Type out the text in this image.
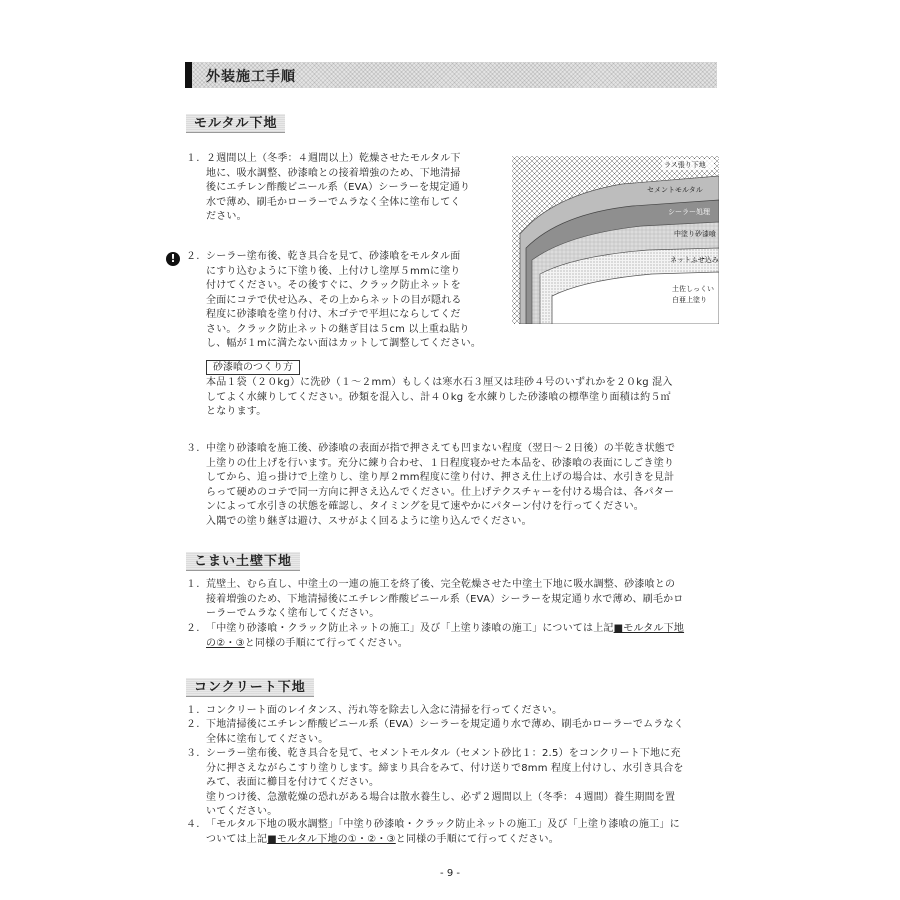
外装施工手順
モルタル下地
１. ２週間以上（冬季：４週間以上）乾燥させたモルタル下
地に、吸水調整、砂漆喰との接着増強のため、下地清掃
後にエチレン酢酸ビニール系（EVA）シーラーを規定通り
水で薄め、刷毛かローラーでムラなく全体に塗布してく
ださい。
!	２. シーラー塗布後、乾き具合を見て、砂漆喰をモルタル面
にすり込むように下塗り後、上付けし塗厚５mmに塗り
付けてください。その後すぐに、クラック防止ネットを
全面にコテで伏せ込み、その上からネットの目が隠れる
程度に砂漆喰を塗り付け、木ゴテで平坦にならしてくだ
さい。クラック防止ネットの継ぎ目は５cm 以上重ね貼り
し、幅が１mに満たない面はカットして調整してください。
ラス張り下地
セメントモルタル
シーラー処理
中塗り砂漆喰
ネットふせ込み
土佐しっくい
白亜上塗り
砂漆喰のつくり方
本品１袋（２０kg）に洗砂（１～２mm）もしくは寒水石３厘又は珪砂４号のいずれかを２０kg 混入
してよく水練りしてください。砂類を混入し、計４０kg を水練りした砂漆喰の標準塗り面積は約５㎡
となります。
３. 中塗り砂漆喰を施工後、砂漆喰の表面が指で押さえても凹まない程度（翌日～２日後）の半乾き状態で
上塗りの仕上げを行います。充分に練り合わせ、１日程度寝かせた本品を、砂漆喰の表面にしごき塗り
してから、追っ掛けで上塗りし、塗り厚２mm程度に塗り付け、押さえ仕上げの場合は、水引きを見計
らって硬めのコテで同一方向に押さえ込んでください。仕上げテクスチャーを付ける場合は、各パター
ンによって水引きの状態を確認し、タイミングを見て速やかにパターン付けを行ってください。
入隅での塗り継ぎは避け、スサがよく回るように塗り込んでください。
こまい土壁下地
１. 荒壁土、むら直し、中塗土の一連の施工を終了後、完全乾燥させた中塗土下地に吸水調整、砂漆喰との
接着増強のため、下地清掃後にエチレン酢酸ビニール系（EVA）シーラーを規定通り水で薄め、刷毛かロ
ーラーでムラなく塗布してください。
２. 「中塗り砂漆喰・クラック防止ネットの施工」及び「上塗り漆喰の施工」については上記■モルタル下地
の②・③と同様の手順にて行ってください。
コンクリート下地
１. コンクリート面のレイタンス、汚れ等を除去し入念に清掃を行ってください。
２. 下地清掃後にエチレン酢酸ビニール系（EVA）シーラーを規定通り水で薄め、刷毛かローラーでムラなく
全体に塗布してください。
３. シーラー塗布後、乾き具合を見て、セメントモルタル（セメント砂比１：2.5）をコンクリート下地に充
分に押さえながらこすり塗りします。締まり具合をみて、付け送りで8mm 程度上付けし、水引き具合を
みて、表面に櫛目を付けてください。
塗りつけ後、急激乾燥の恐れがある場合は散水養生し、必ず２週間以上（冬季：４週間）養生期間を置
いてください。
４. 「モルタル下地の吸水調整」「中塗り砂漆喰・クラック防止ネットの施工」及び「上塗り漆喰の施工」に
ついては上記■モルタル下地の①・②・③と同様の手順にて行ってください。
- 9 -
